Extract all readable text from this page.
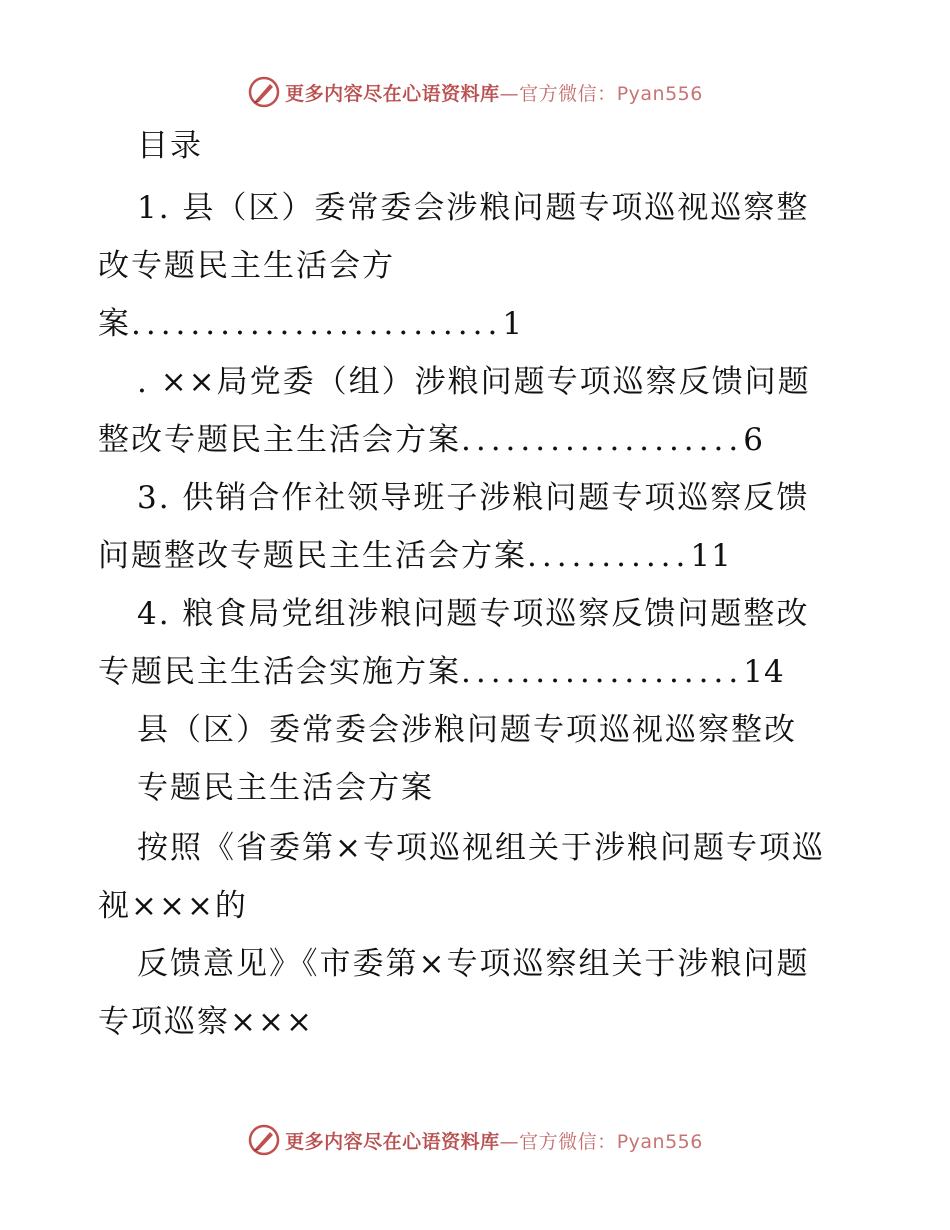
更多内容尽在心语资料库—官方微信：Pyan556
目录
1. 县（区）委常委会涉粮问题专项巡视巡察整
改专题民主生活会方
案.........................1
. ××局党委（组）涉粮问题专项巡察反馈问题
整改专题民主生活会方案...................6
3. 供销合作社领导班子涉粮问题专项巡察反馈
问题整改专题民主生活会方案...........11
4. 粮食局党组涉粮问题专项巡察反馈问题整改
专题民主生活会实施方案...................14
县（区）委常委会涉粮问题专项巡视巡察整改
专题民主生活会方案
按照《省委第×专项巡视组关于涉粮问题专项巡
视×××的
反馈意见》《市委第×专项巡察组关于涉粮问题
专项巡察×××
更多内容尽在心语资料库—官方微信：Pyan556
